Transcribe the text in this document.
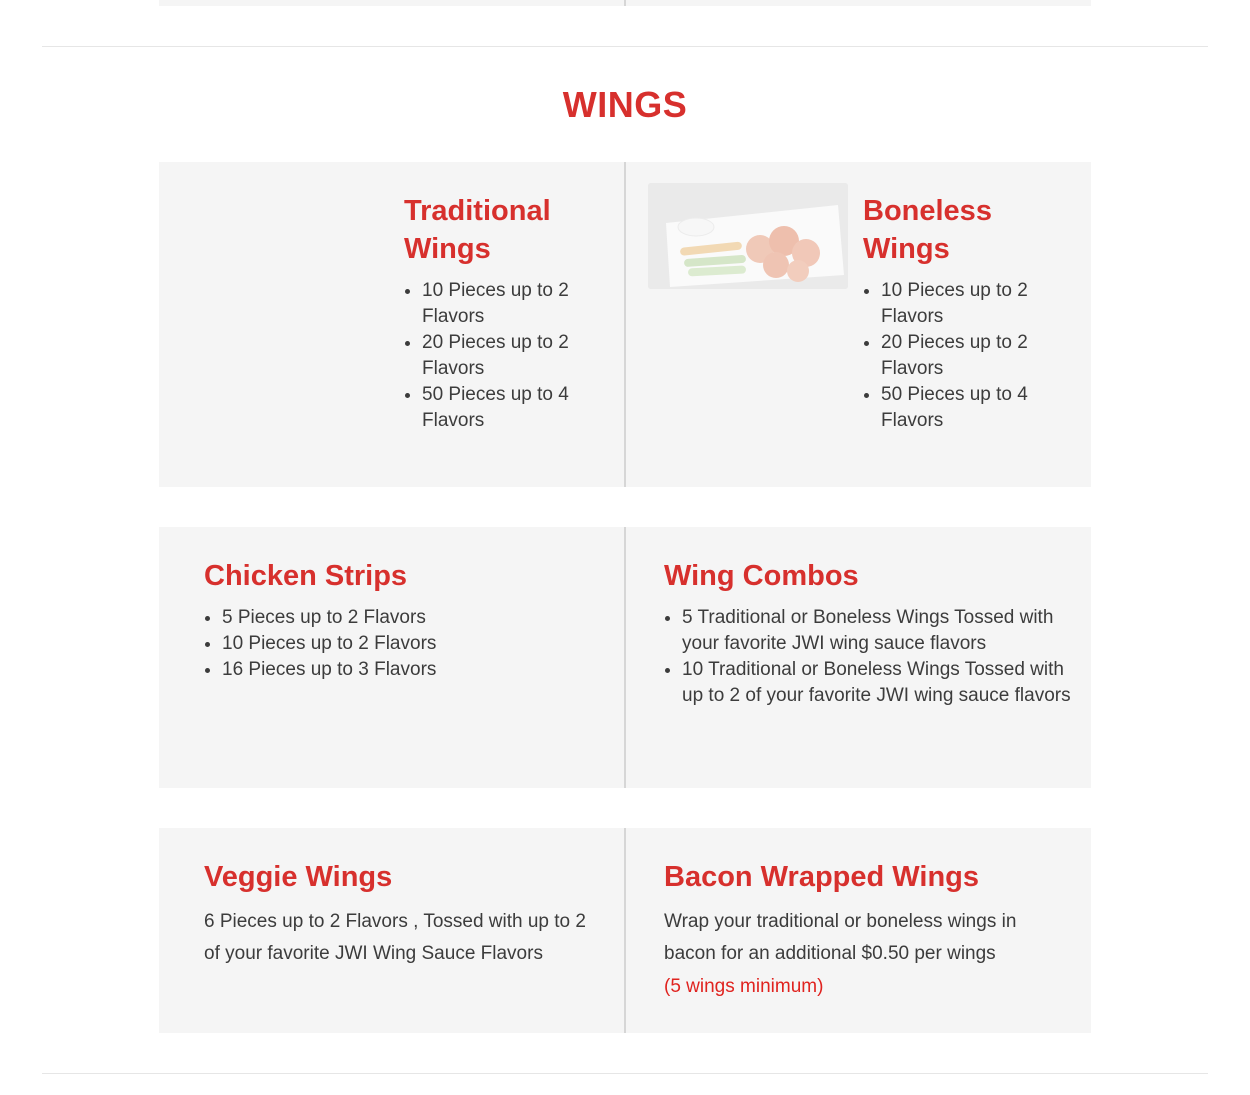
WINGS
Traditional
Wings
• 10 Pieces up to 2 Flavors
• 20 Pieces up to 2 Flavors
• 50 Pieces up to 4 Flavors
Boneless
Wings
• 10 Pieces up to 2 Flavors
• 20 Pieces up to 2 Flavors
• 50 Pieces up to 4 Flavors
Chicken Strips
• 5 Pieces up to 2 Flavors
• 10 Pieces up to 2 Flavors
• 16 Pieces up to 3 Flavors
Wing Combos
• 5 Traditional or Boneless Wings Tossed with your favorite JWI wing sauce flavors
• 10 Traditional or Boneless Wings Tossed with up to 2 of your favorite JWI wing sauce flavors
Veggie Wings

6 Pieces up to 2 Flavors , Tossed with up to 2 of your favorite JWI Wing Sauce Flavors

Bacon Wrapped Wings

Wrap your traditional or boneless wings in bacon for an additional $0.50 per wings

(5 wings minimum)
